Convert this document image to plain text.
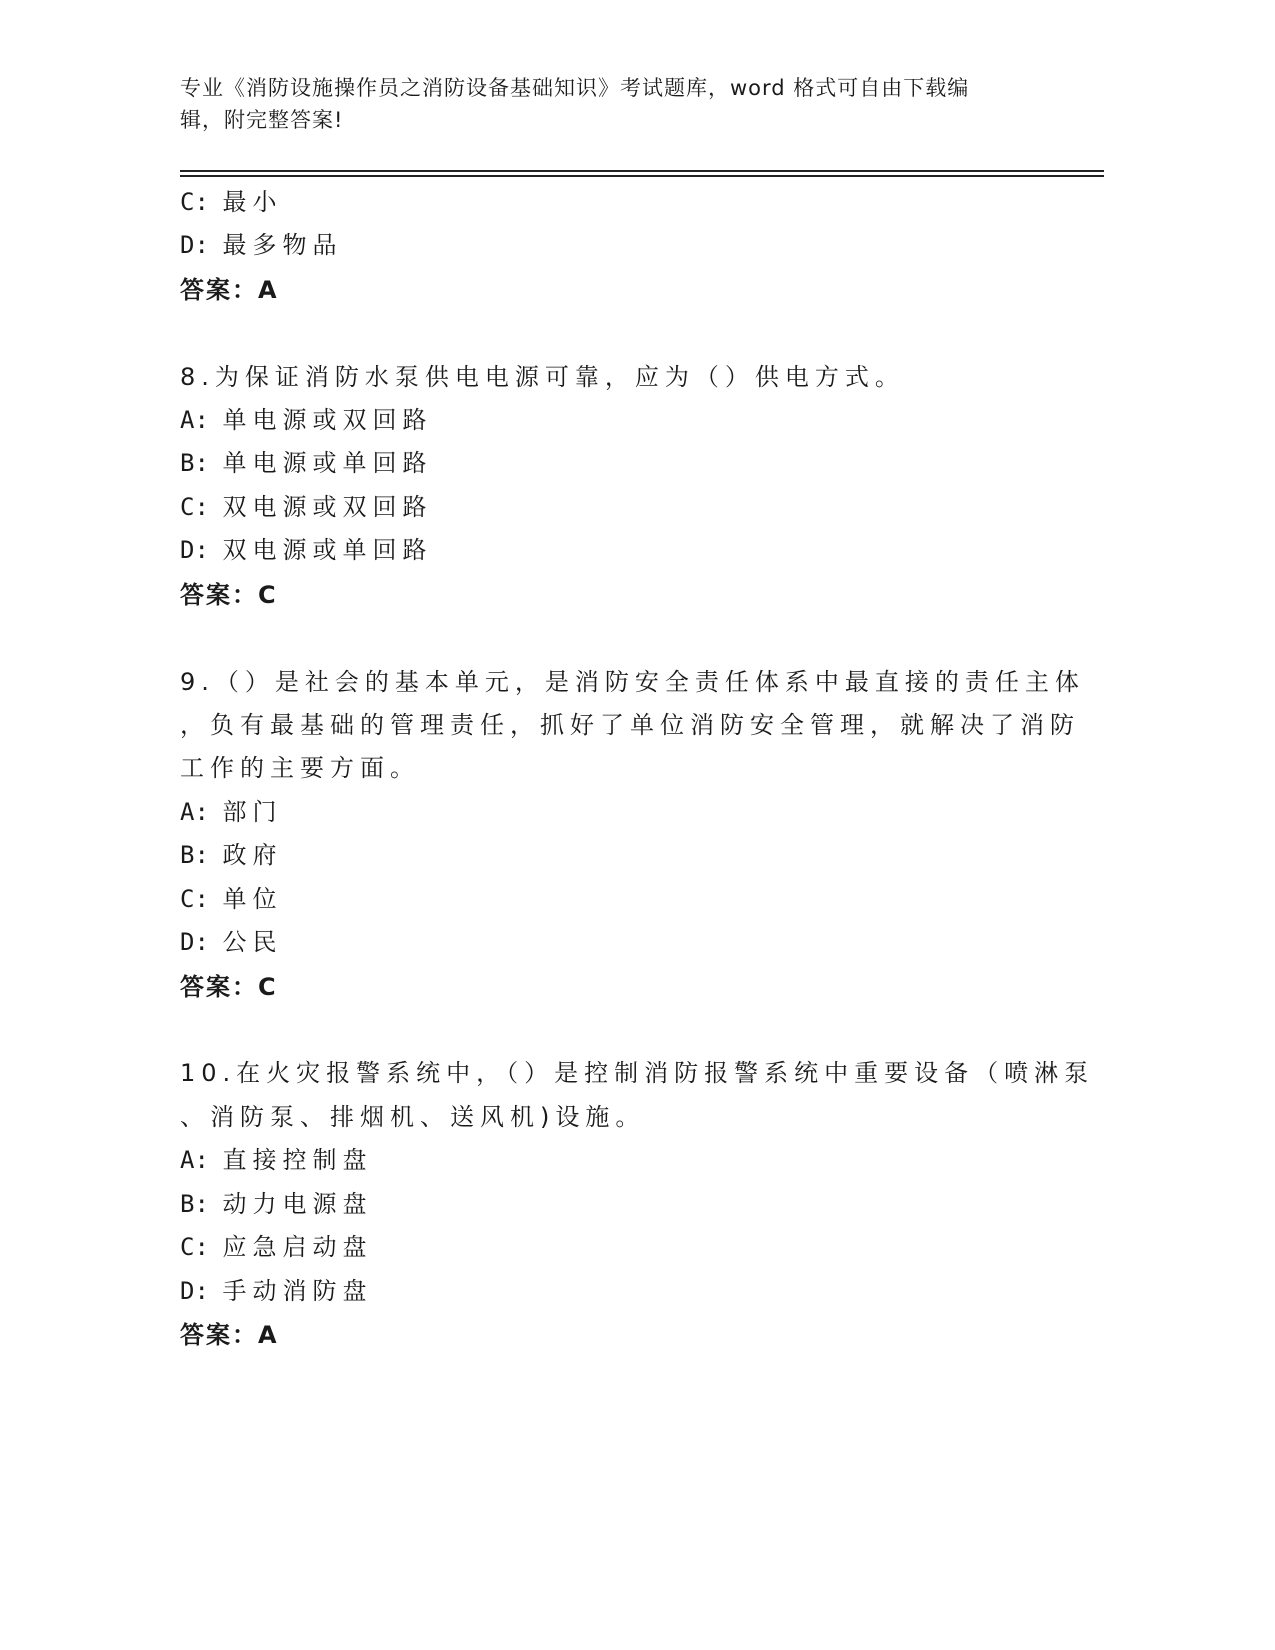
专业《消防设施操作员之消防设备基础知识》考试题库，word 格式可自由下载编
辑，附完整答案!
C: 最小
D: 最多物品
答案：A
8.为保证消防水泵供电电源可靠，应为（）供电方式。
A: 单电源或双回路
B: 单电源或单回路
C: 双电源或双回路
D: 双电源或单回路
答案：C
9.（）是社会的基本单元，是消防安全责任体系中最直接的责任主体
，负有最基础的管理责任，抓好了单位消防安全管理，就解决了消防
工作的主要方面。
A: 部门
B: 政府
C: 单位
D: 公民
答案：C
10.在火灾报警系统中，（）是控制消防报警系统中重要设备（喷淋泵
、消防泵、排烟机、送风机)设施。
A: 直接控制盘
B: 动力电源盘
C: 应急启动盘
D: 手动消防盘
答案：A
